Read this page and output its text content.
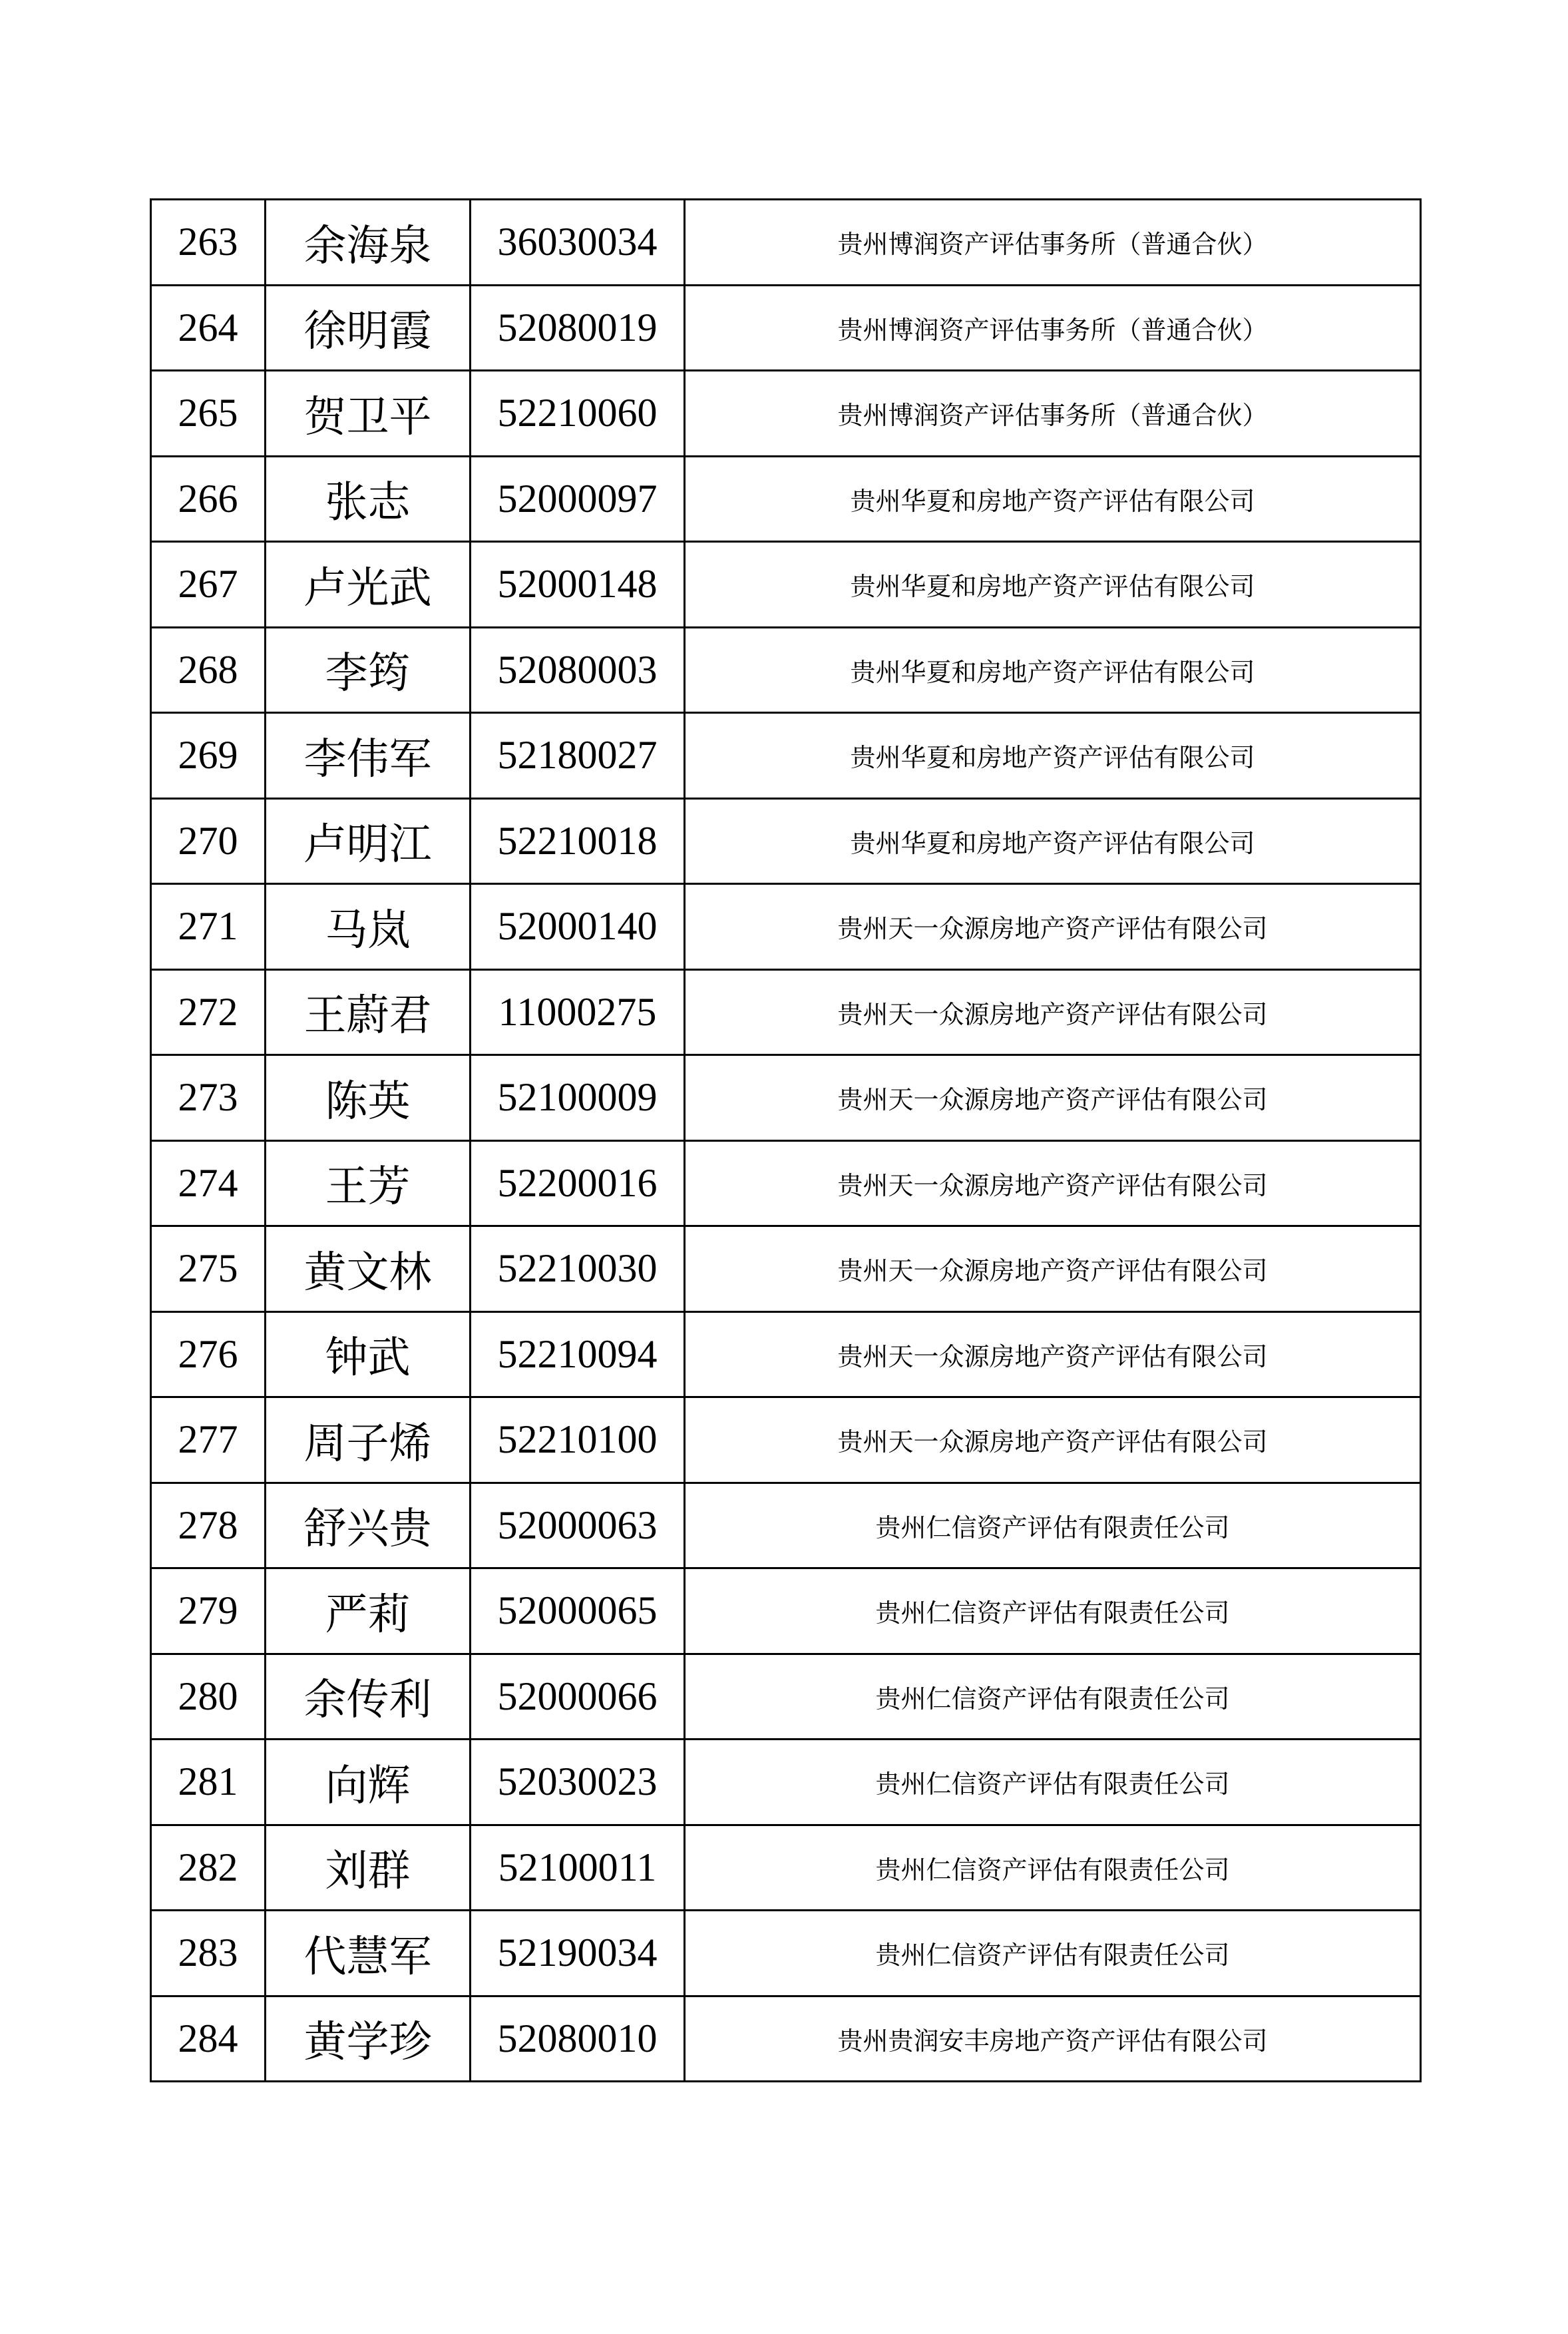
263	余海泉	36030034	贵州博润资产评估事务所（普通合伙）
264	徐明霞	52080019	贵州博润资产评估事务所（普通合伙）
265	贺卫平	52210060	贵州博润资产评估事务所（普通合伙）
266	张志	52000097	贵州华夏和房地产资产评估有限公司
267	卢光武	52000148	贵州华夏和房地产资产评估有限公司
268	李筠	52080003	贵州华夏和房地产资产评估有限公司
269	李伟军	52180027	贵州华夏和房地产资产评估有限公司
270	卢明江	52210018	贵州华夏和房地产资产评估有限公司
271	马岚	52000140	贵州天一众源房地产资产评估有限公司
272	王蔚君	11000275	贵州天一众源房地产资产评估有限公司
273	陈英	52100009	贵州天一众源房地产资产评估有限公司
274	王芳	52200016	贵州天一众源房地产资产评估有限公司
275	黄文林	52210030	贵州天一众源房地产资产评估有限公司
276	钟武	52210094	贵州天一众源房地产资产评估有限公司
277	周子烯	52210100	贵州天一众源房地产资产评估有限公司
278	舒兴贵	52000063	贵州仁信资产评估有限责任公司
279	严莉	52000065	贵州仁信资产评估有限责任公司
280	余传利	52000066	贵州仁信资产评估有限责任公司
281	向辉	52030023	贵州仁信资产评估有限责任公司
282	刘群	52100011	贵州仁信资产评估有限责任公司
283	代慧军	52190034	贵州仁信资产评估有限责任公司
284	黄学珍	52080010	贵州贵润安丰房地产资产评估有限公司
